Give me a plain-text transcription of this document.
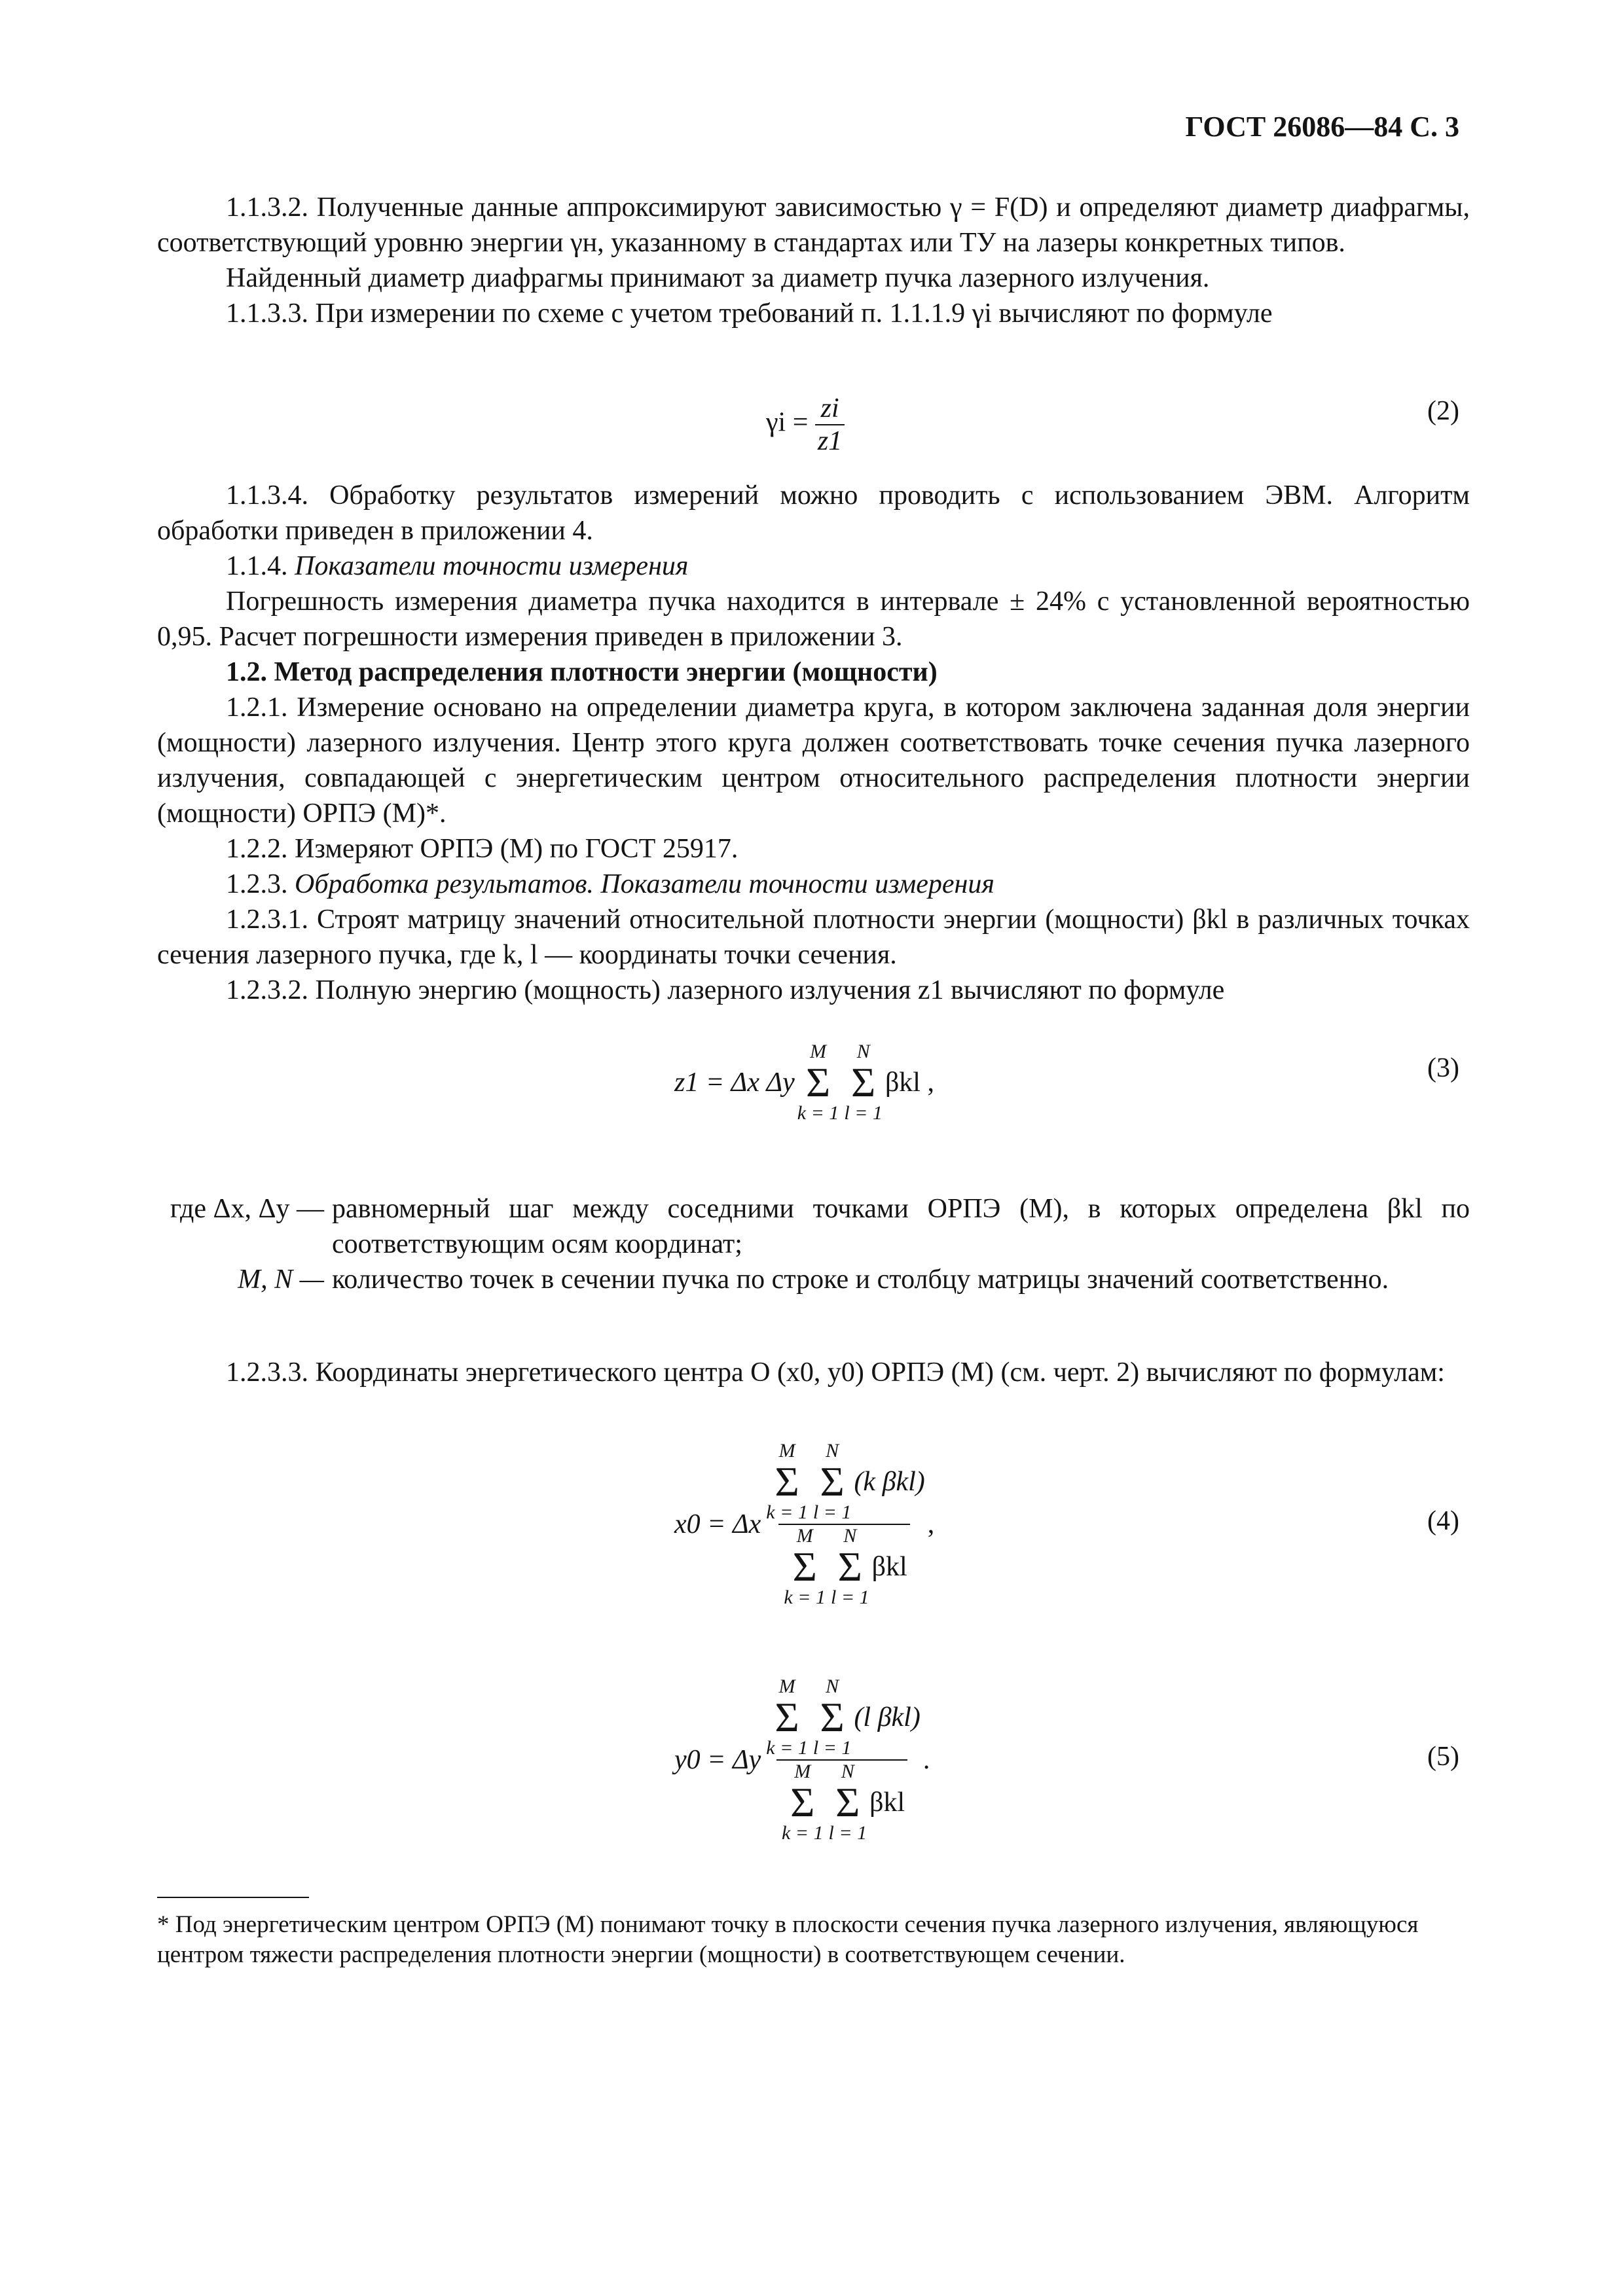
ГОСТ 26086—84 С. 3

1.1.3.2. Полученные данные аппроксимируют зависимостью γ = F(D) и определяют диаметр диафрагмы, соответствующий уровню энергии γн, указанному в стандартах или ТУ на лазеры конкретных типов.

Найденный диаметр диафрагмы принимают за диаметр пучка лазерного излучения.

1.1.3.3. При измерении по схеме с учетом требований п. 1.1.1.9 γi вычисляют по формуле

$\gamma i = \frac{zi}{z1}$	(2)

1.1.3.4. Обработку результатов измерений можно проводить с использованием ЭВМ. Алгоритм обработки приведен в приложении 4.

1.1.4. Показатели точности измерения

Погрешность измерения диаметра пучка находится в интервале ± 24% с установленной вероятностью 0,95. Расчет погрешности измерения приведен в приложении 3.

1.2. Метод распределения плотности энергии (мощности)

1.2.1. Измерение основано на определении диаметра круга, в котором заключена заданная доля энергии (мощности) лазерного излучения. Центр этого круга должен соответствовать точке сечения пучка лазерного излучения, совпадающей с энергетическим центром относительного распределения плотности энергии (мощности) ОРПЭ (М)*.

1.2.2. Измеряют ОРПЭ (М) по ГОСТ 25917.

1.2.3. Обработка результатов. Показатели точности измерения

1.2.3.1. Строят матрицу значений относительной плотности энергии (мощности) βkl в различных точках сечения лазерного пучка, где k, l — координаты точки сечения.

1.2.3.2. Полную энергию (мощность) лазерного излучения z1 вычисляют по формуле

z1 = Δx Δy
M
Σ
k = 1
N
Σ
l = 1
βkl ,	(3)
где Δx, Δy — равномерный шаг между соседними точками ОРПЭ (М), в которых определена βkl по соответствующим осям координат;
M, N — количество точек в сечении пучка по строке и столбцу матрицы значений соответственно.

1.2.3.3. Координаты энергетического центра O (x0, y0) ОРПЭ (М) (см. черт. 2) вычисляют по формулам:

x0 = Δx
M
Σ
k = 1
N
Σ
l = 1
(k βkl)
M
Σ
k = 1
N
Σ
l = 1
βkl
,	(4)
y0 = Δy
M
Σ
k = 1
N
Σ
l = 1
(l βkl)
M
Σ
k = 1
N
Σ
l = 1
βkl
.	(5)
* Под энергетическим центром ОРПЭ (М) понимают точку в плоскости сечения пучка лазерного излучения, являющуюся центром тяжести распределения плотности энергии (мощности) в соответствующем сечении.
